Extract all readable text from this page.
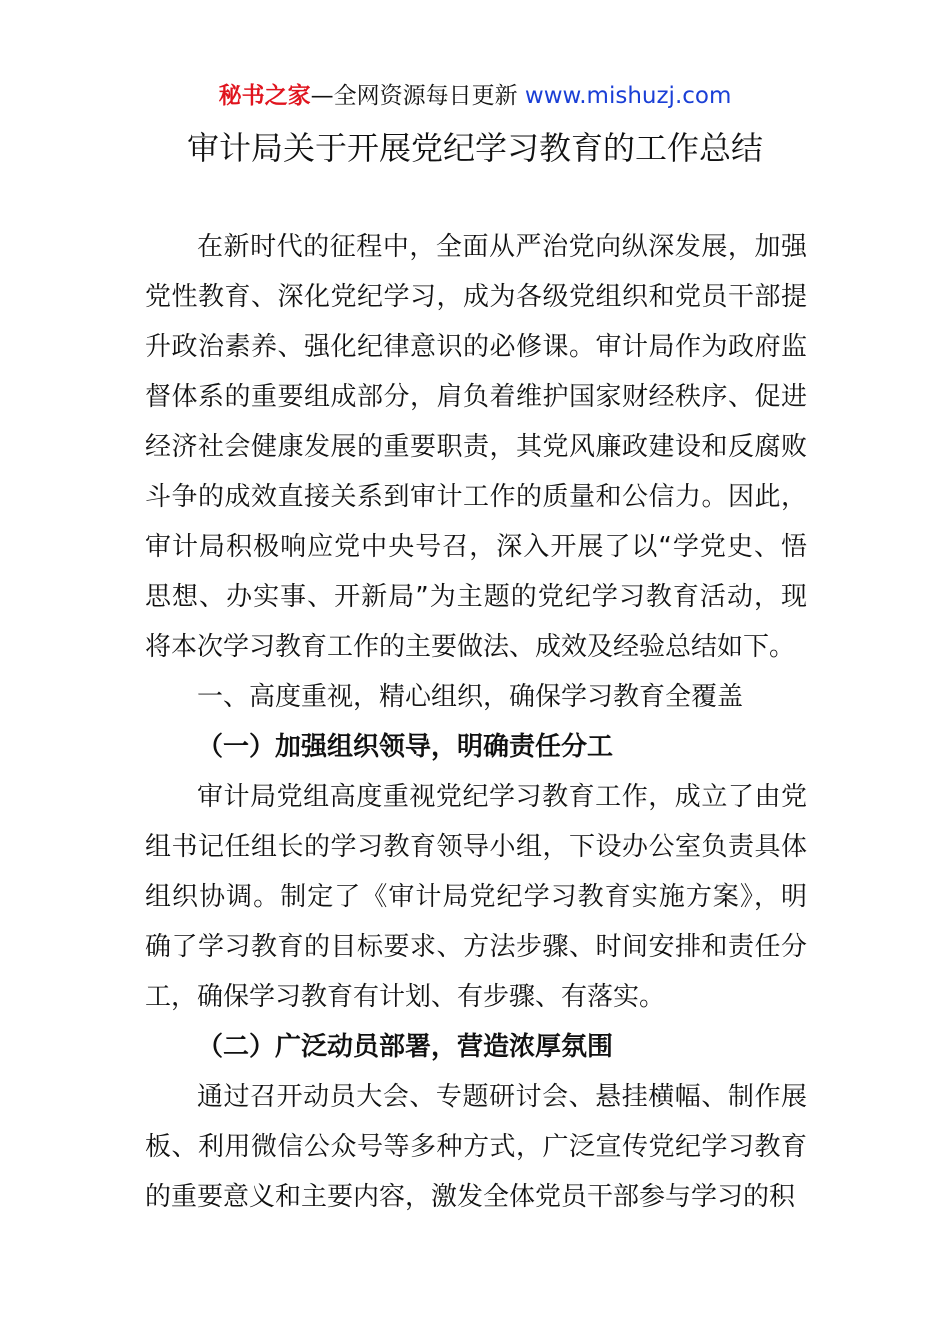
秘书之家—全网资源每日更新 www.mishuzj.com
审计局关于开展党纪学习教育的工作总结

在新时代的征程中，全面从严治党向纵深发展，加强党性教育、深化党纪学习，成为各级党组织和党员干部提升政治素养、强化纪律意识的必修课。审计局作为政府监督体系的重要组成部分，肩负着维护国家财经秩序、促进经济社会健康发展的重要职责，其党风廉政建设和反腐败斗争的成效直接关系到审计工作的质量和公信力。因此，审计局积极响应党中央号召，深入开展了以“学党史、悟思想、办实事、开新局”为主题的党纪学习教育活动，现将本次学习教育工作的主要做法、成效及经验总结如下。

一、高度重视，精心组织，确保学习教育全覆盖
（一）加强组织领导，明确责任分工

审计局党组高度重视党纪学习教育工作，成立了由党组书记任组长的学习教育领导小组，下设办公室负责具体组织协调。制定了《审计局党纪学习教育实施方案》，明确了学习教育的目标要求、方法步骤、时间安排和责任分工，确保学习教育有计划、有步骤、有落实。

（二）广泛动员部署，营造浓厚氛围

通过召开动员大会、专题研讨会、悬挂横幅、制作展板、利用微信公众号等多种方式，广泛宣传党纪学习教育的重要意义和主要内容，激发全体党员干部参与学习的积
